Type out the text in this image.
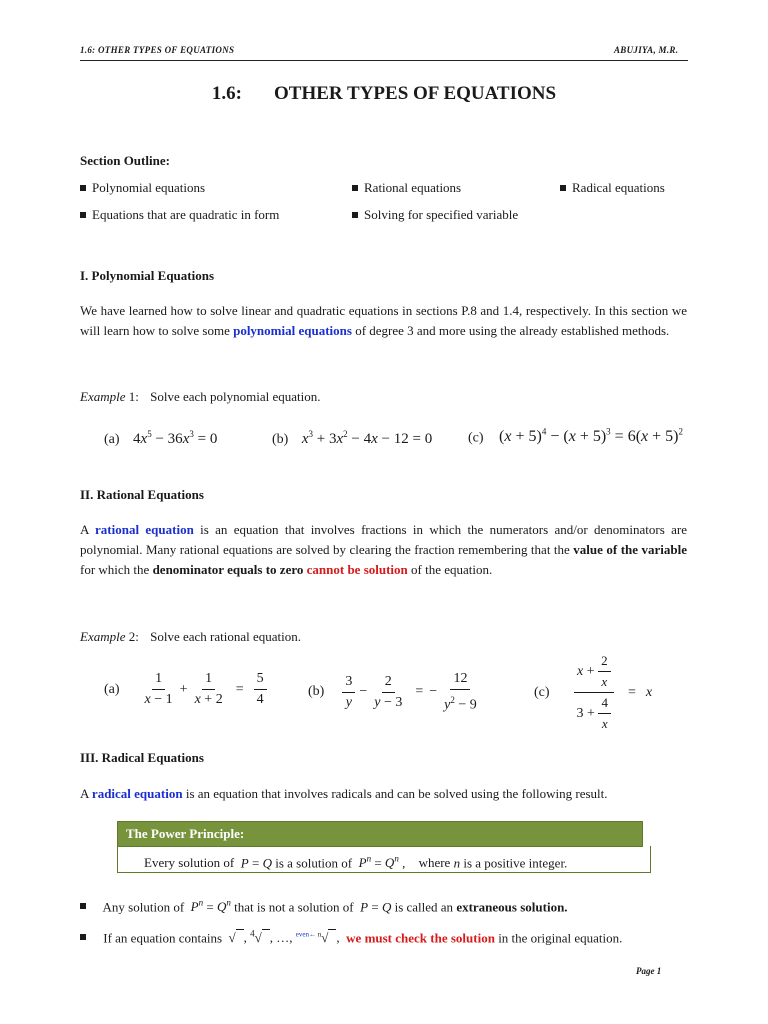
1.6: OTHER TYPES OF EQUATIONS	ABUJIYA, M.R.
1.6: OTHER TYPES OF EQUATIONS
Section Outline:
Polynomial equations	Rational equations	Radical equations
Equations that are quadratic in form	Solving for specified variable
I. Polynomial Equations
We have learned how to solve linear and quadratic equations in sections P.8 and 1.4, respectively. In this section we will learn how to solve some polynomial equations of degree 3 and more using the already established methods.
Example 1: Solve each polynomial equation.
(a) $4x^5 - 36x^3 = 0$	(b) $x^3 + 3x^2 - 4x - 12 = 0$	(c) $(x + 5)^4 - (x + 5)^3 = 6(x + 5)^2$
II. Rational Equations
A rational equation is an equation that involves fractions in which the numerators and/or denominators are polynomial. Many rational equations are solved by clearing the fraction remembering that the value of the variable for which the denominator equals to zero cannot be solution of the equation.
Example 2: Solve each rational equation.
$(a) \frac{1}{x - 1} + \frac{1}{x + 2} = \frac{5}{4}$	$(b) \frac{3}{y} - \frac{2}{y - 3}$ = − $\frac{12}{y^2 - 9}$	$(c) \frac{x + \frac{2}{x}}{3 + \frac{4}{x}} = x$
III. Radical Equations
A radical equation is an equation that involves radicals and can be solved using the following result.
The Power Principle:
Every solution of  P = Q is a solution of  $P^n = Q^n$ , where n is a positive integer.
Any solution of  $P^n = Q^n$ that is not a solution of  P = Q is called an extraneous solution.
If an equation contains  √ , $^4$√ , …, $^{even\leftarrow n}$√ ,  we must check the solution in the original equation.
Page 1
